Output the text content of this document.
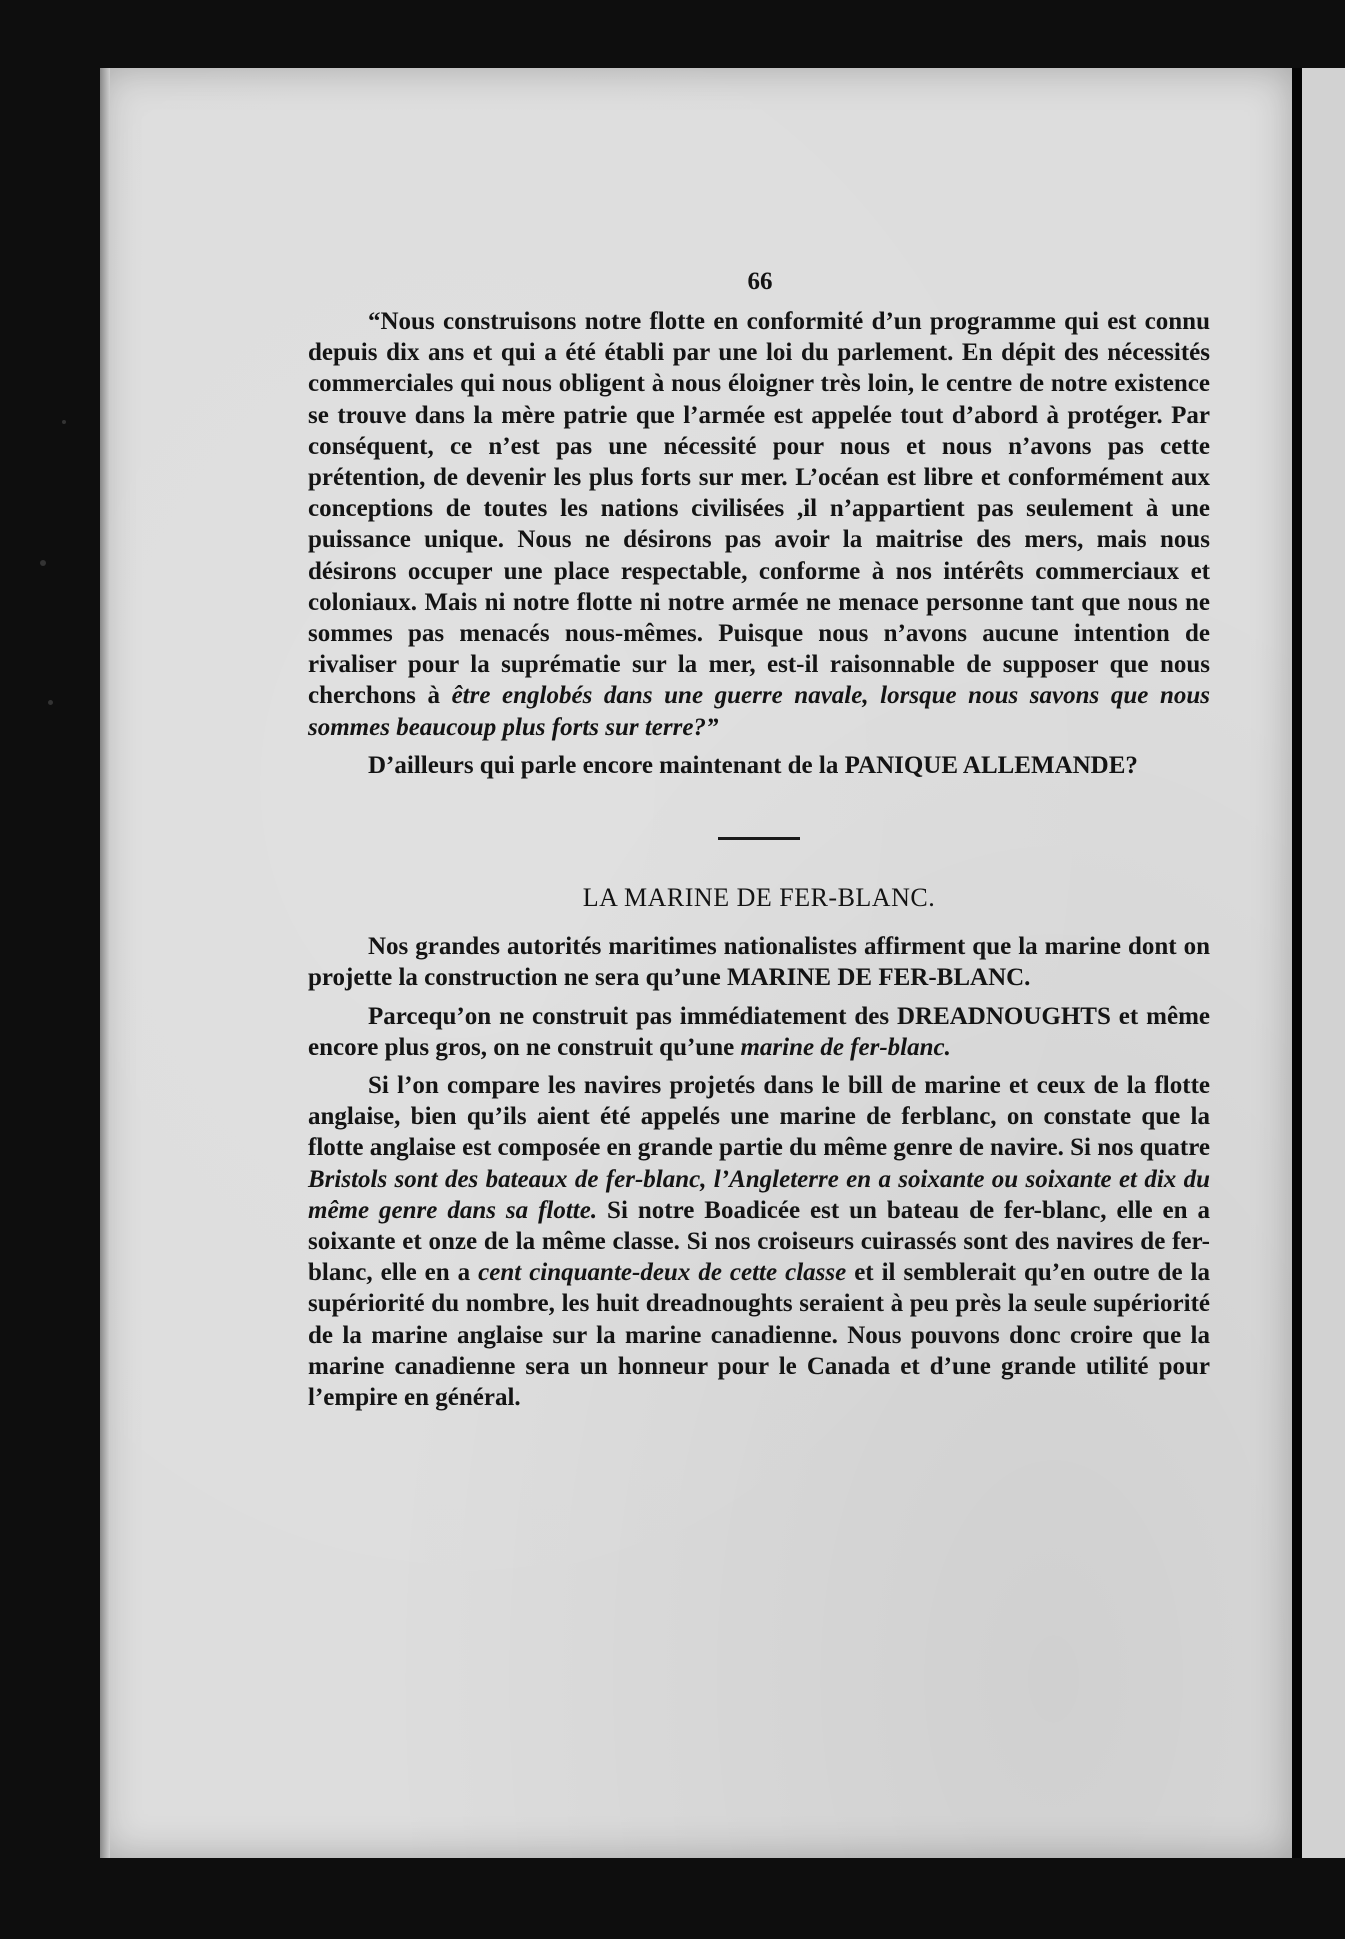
66

“Nous construisons notre flotte en conformité d’un programme qui est connu depuis dix ans et qui a été établi par une loi du parlement. En dépit des nécessités commerciales qui nous obligent à nous éloigner très loin, le centre de notre existence se trouve dans la mère patrie que l’armée est appelée tout d’abord à protéger. Par conséquent, ce n’est pas une nécessité pour nous et nous n’avons pas cette prétention, de devenir les plus forts sur mer. L’océan est libre et conformément aux conceptions de toutes les nations civilisées ,il n’appartient pas seulement à une puissance unique. Nous ne désirons pas avoir la maitrise des mers, mais nous désirons occuper une place respectable, conforme à nos intérêts commerciaux et coloniaux. Mais ni notre flotte ni notre armée ne menace personne tant que nous ne sommes pas menacés nous-mêmes. Puisque nous n’avons aucune intention de rivaliser pour la suprématie sur la mer, est-il raisonnable de supposer que nous cherchons à être englobés dans une guerre navale, lorsque nous savons que nous sommes beaucoup plus forts sur terre?”

D’ailleurs qui parle encore maintenant de la PANIQUE ALLEMANDE?

LA MARINE DE FER-BLANC.

Nos grandes autorités maritimes nationalistes affirment que la marine dont on projette la construction ne sera qu’une MARINE DE FER-BLANC.

Parcequ’on ne construit pas immédiatement des DREADNOUGHTS et même encore plus gros, on ne construit qu’une marine de fer-blanc.

Si l’on compare les navires projetés dans le bill de marine et ceux de la flotte anglaise, bien qu’ils aient été appelés une marine de ferblanc, on constate que la flotte anglaise est composée en grande partie du même genre de navire. Si nos quatre Bristols sont des bateaux de fer-blanc, l’Angleterre en a soixante ou soixante et dix du même genre dans sa flotte. Si notre Boadicée est un bateau de fer-blanc, elle en a soixante et onze de la même classe. Si nos croiseurs cuirassés sont des navires de fer-blanc, elle en a cent cinquante-deux de cette classe et il semblerait qu’en outre de la supériorité du nombre, les huit dreadnoughts seraient à peu près la seule supériorité de la marine anglaise sur la marine canadienne. Nous pouvons donc croire que la marine canadienne sera un honneur pour le Canada et d’une grande utilité pour l’empire en général.
